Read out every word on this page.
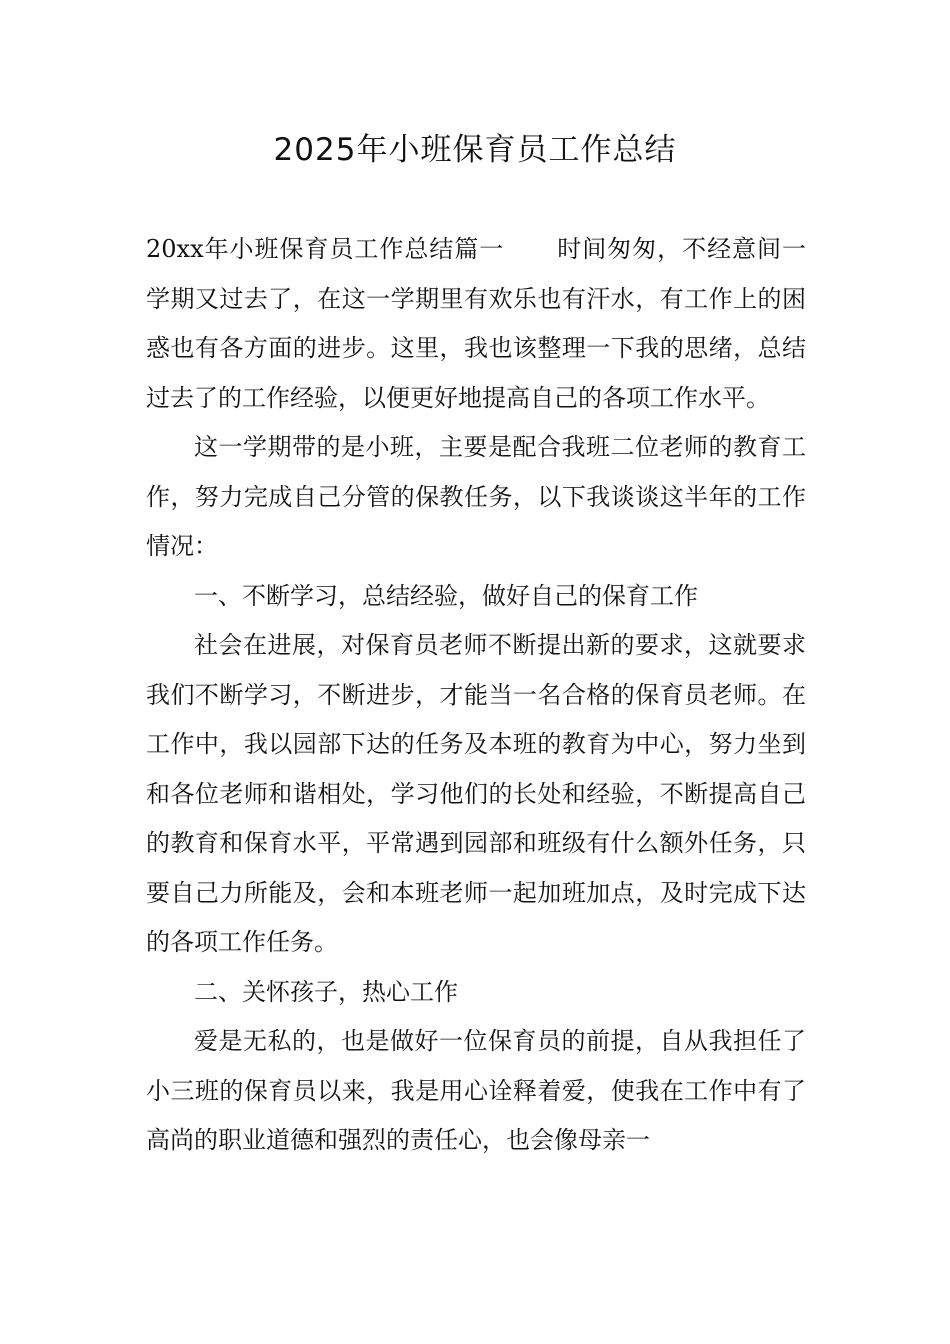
2025年小班保育员工作总结

20xx年小班保育员工作总结篇一 时间匆匆，不经意间一学期又过去了，在这一学期里有欢乐也有汗水，有工作上的困惑也有各方面的进步。这里，我也该整理一下我的思绪，总结过去了的工作经验，以便更好地提高自己的各项工作水平。

这一学期带的是小班，主要是配合我班二位老师的教育工作，努力完成自己分管的保教任务，以下我谈谈这半年的工作情况：

一、不断学习，总结经验，做好自己的保育工作

社会在进展，对保育员老师不断提出新的要求，这就要求我们不断学习，不断进步，才能当一名合格的保育员老师。在工作中，我以园部下达的任务及本班的教育为中心，努力坐到和各位老师和谐相处，学习他们的长处和经验，不断提高自己的教育和保育水平，平常遇到园部和班级有什么额外任务，只要自己力所能及，会和本班老师一起加班加点，及时完成下达的各项工作任务。

二、关怀孩子，热心工作

爱是无私的，也是做好一位保育员的前提，自从我担任了小三班的保育员以来，我是用心诠释着爱，使我在工作中有了高尚的职业道德和强烈的责任心，也会像母亲一
